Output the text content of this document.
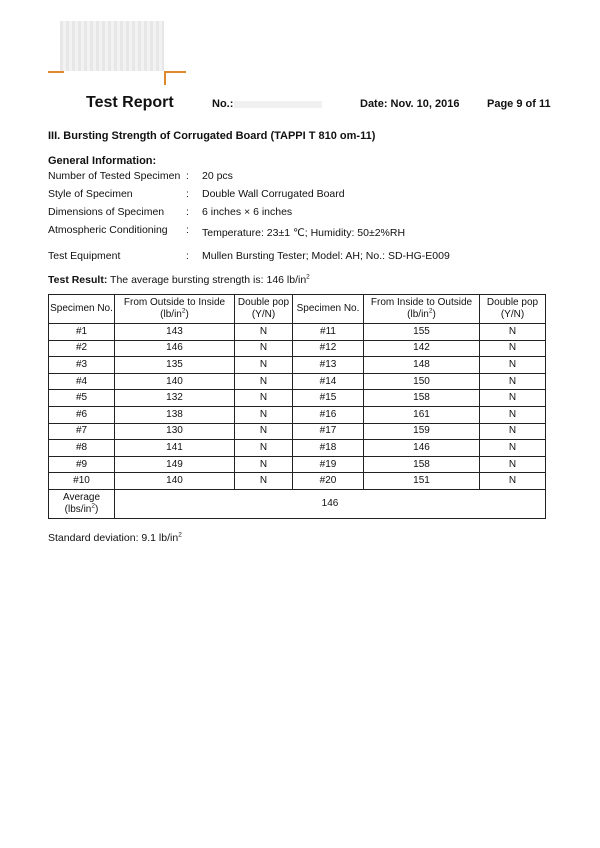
Test Report	No.:	Date: Nov. 10, 2016	Page 9 of 11
III. Bursting Strength of Corrugated Board (TAPPI T 810 om-11)
General Information:
Number of Tested Specimen : 20 pcs
Style of Specimen	: Double Wall Corrugated Board
Dimensions of Specimen : 6 inches × 6 inches
Atmospheric Conditioning : Temperature: 23±1 ℃; Humidity: 50±2%RH
Test Equipment	: Mullen Bursting Tester; Model: AH; No.: SD-HG-E009
Test Result: The average bursting strength is: 146 $lb/in^2$
Specimen No.	From Outside to Inside $(lb/in^2)$	Double pop (Y/N)	Specimen No.	From Inside to Outside $(lb/in^2)$	Double pop (Y/N)
#1	143	N	#11	155	N
#2	146	N	#12	142	N
#3	135	N	#13	148	N
#4	140	N	#14	150	N
#5	132	N	#15	158	N
#6	138	N	#16	161	N
#7	130	N	#17	159	N
#8	141	N	#18	146	N
#9	149	N	#19	158	N
#10	140	N	#20	151	N
Average $(lbs/in^2)$	146				
Standard deviation: 9.1 $lb/in^2$
